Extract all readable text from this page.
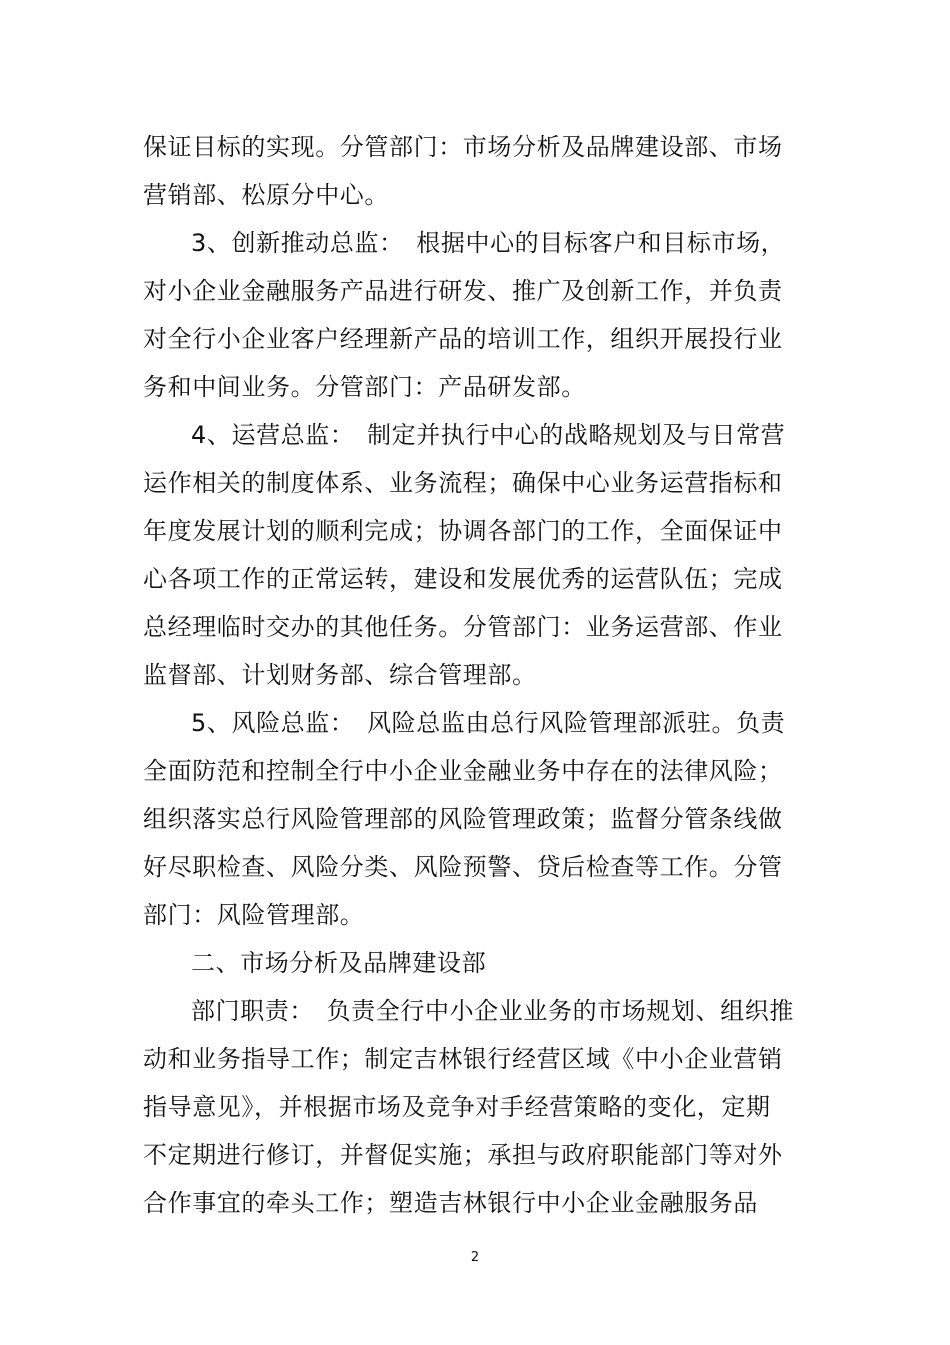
保证目标的实现。分管部门：市场分析及品牌建设部、市场
营销部、松原分中心。
3、创新推动总监：　根据中心的目标客户和目标市场，
对小企业金融服务产品进行研发、推广及创新工作，并负责
对全行小企业客户经理新产品的培训工作，组织开展投行业
务和中间业务。分管部门：产品研发部。
4、运营总监：　制定并执行中心的战略规划及与日常营
运作相关的制度体系、业务流程；确保中心业务运营指标和
年度发展计划的顺利完成；协调各部门的工作，全面保证中
心各项工作的正常运转，建设和发展优秀的运营队伍；完成
总经理临时交办的其他任务。分管部门：业务运营部、作业
监督部、计划财务部、综合管理部。
5、风险总监：　风险总监由总行风险管理部派驻。负责
全面防范和控制全行中小企业金融业务中存在的法律风险；
组织落实总行风险管理部的风险管理政策；监督分管条线做
好尽职检查、风险分类、风险预警、贷后检查等工作。分管
部门：风险管理部。
二、市场分析及品牌建设部
部门职责：　负责全行中小企业业务的市场规划、组织推
动和业务指导工作；制定吉林银行经营区域《中小企业营销
指导意见》，并根据市场及竞争对手经营策略的变化，定期
不定期进行修订，并督促实施；承担与政府职能部门等对外
合作事宜的牵头工作；塑造吉林银行中小企业金融服务品
2
